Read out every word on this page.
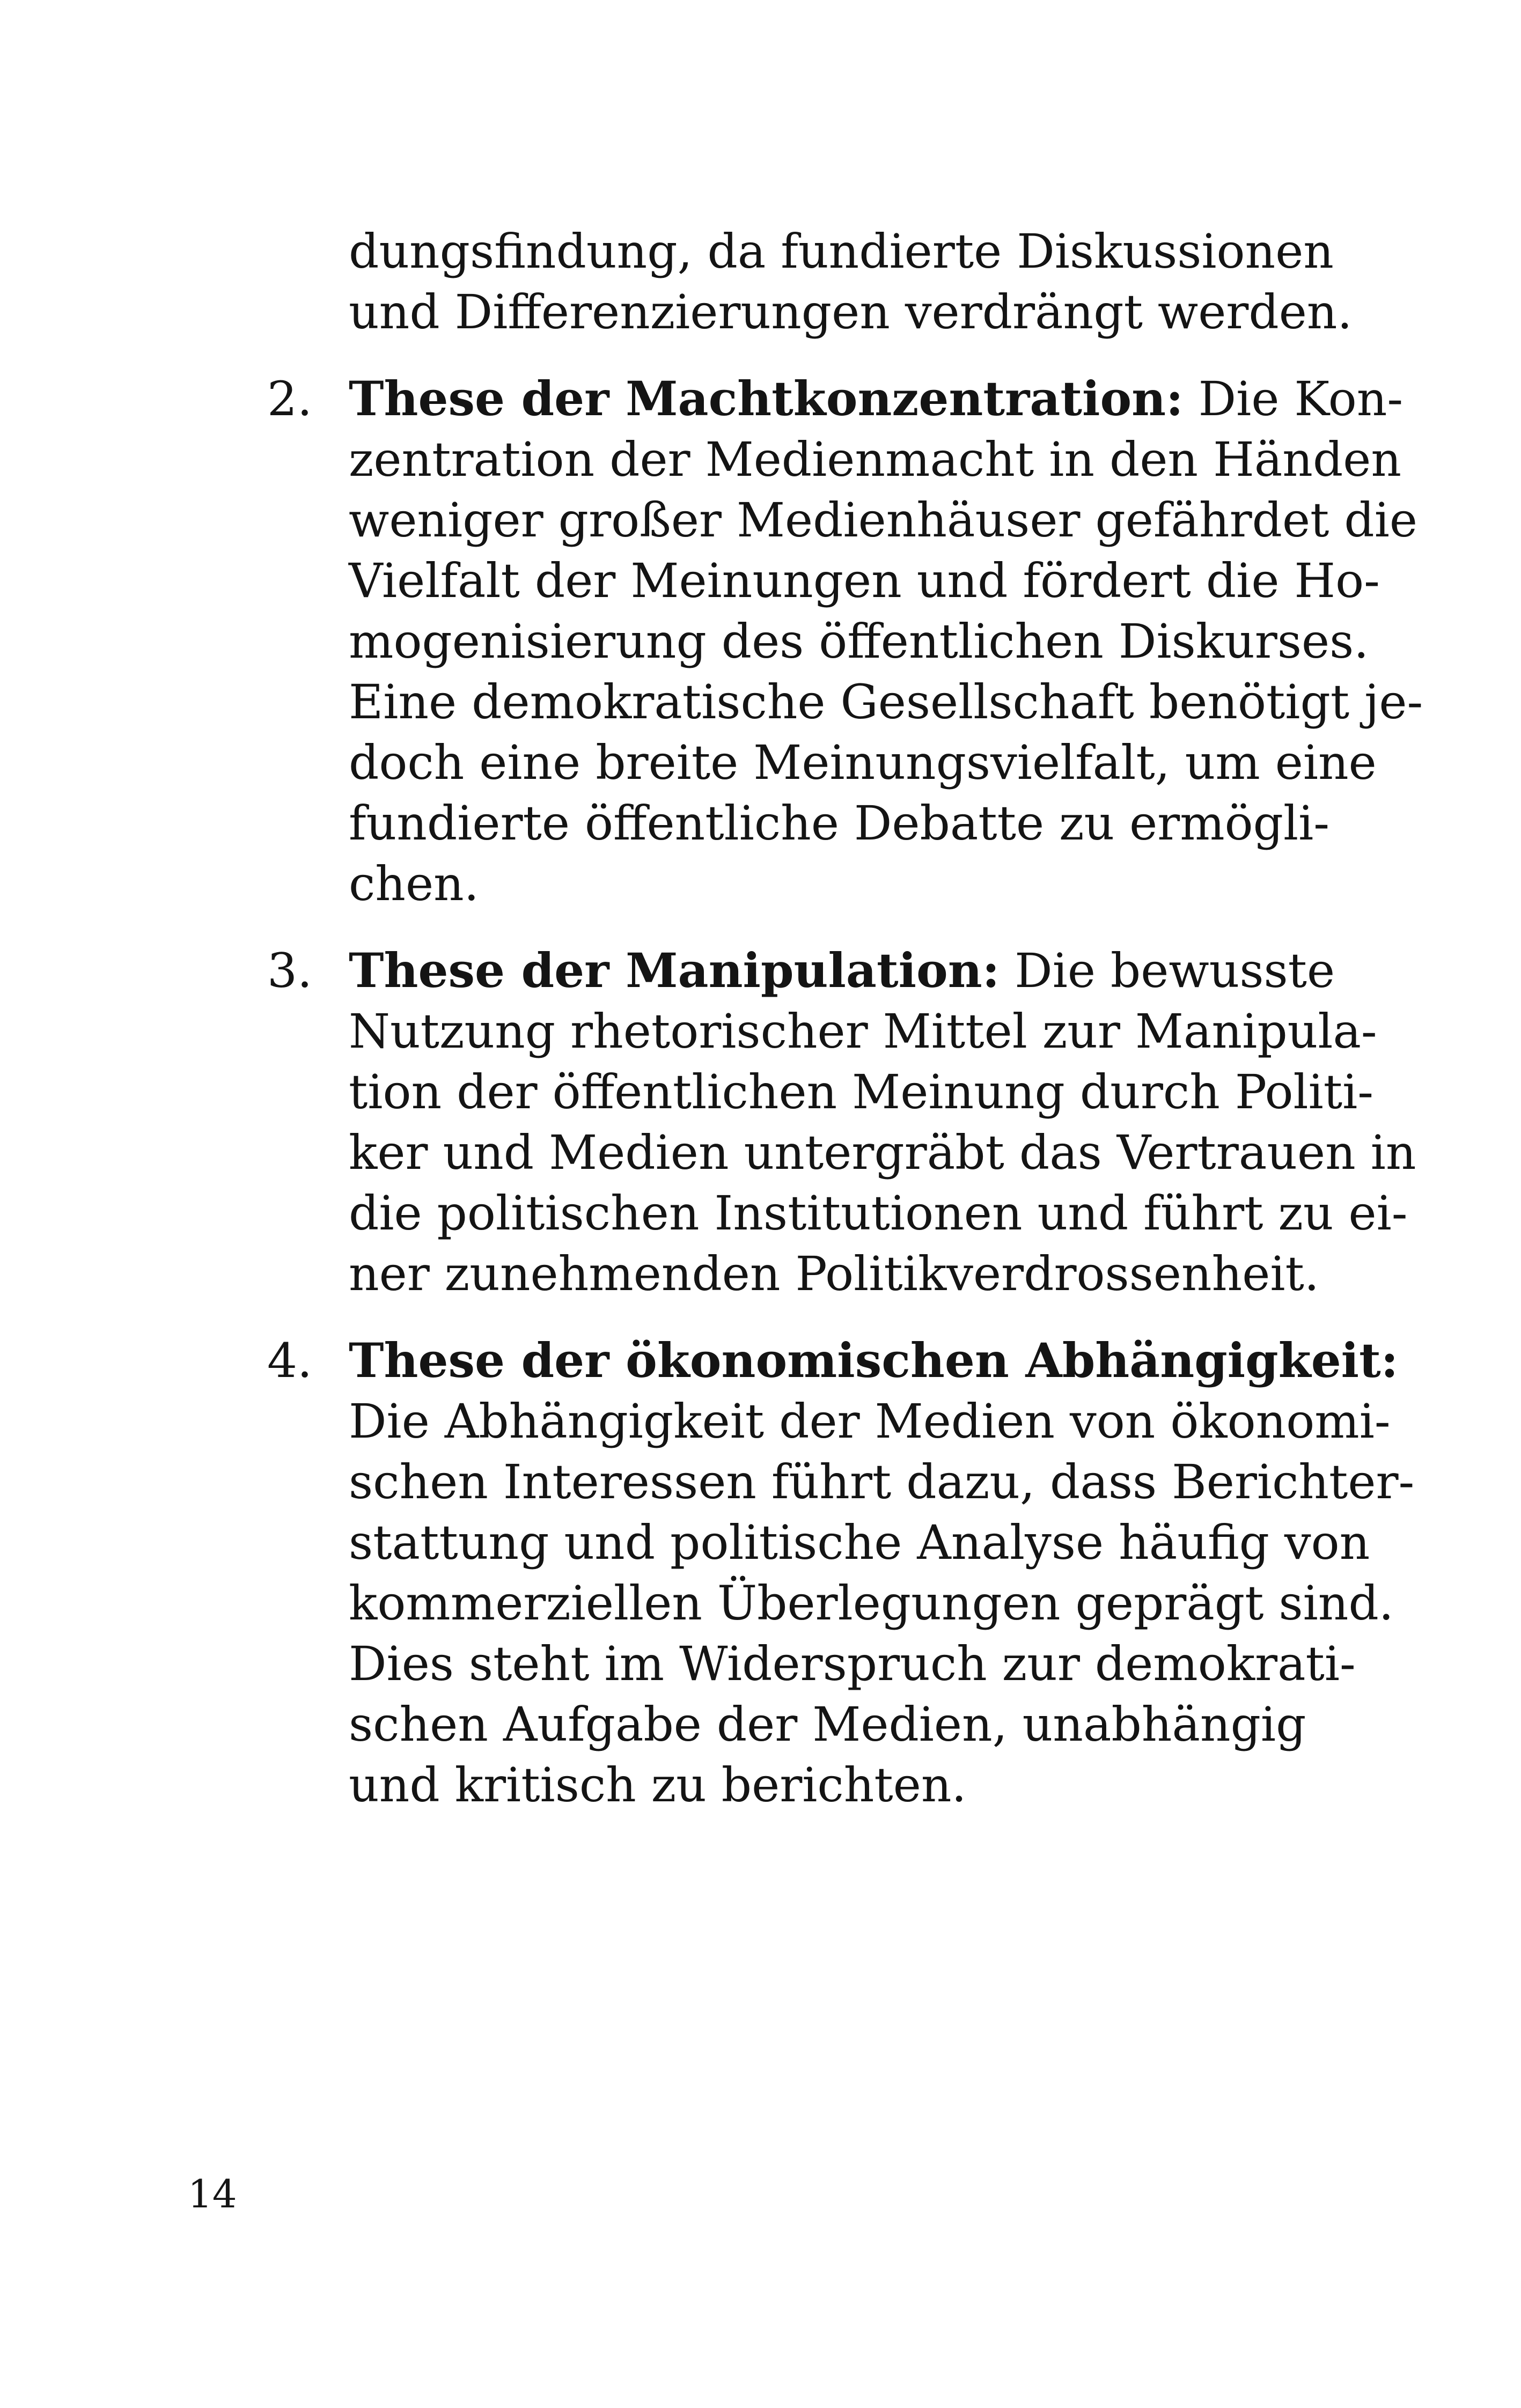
dungsfindung, da fundierte Diskussionen
und Differenzierungen verdrängt werden.
2. These der Machtkonzentration: Die Kon-
zentration der Medienmacht in den Händen
weniger großer Medienhäuser gefährdet die
Vielfalt der Meinungen und fördert die Ho-
mogenisierung des öffentlichen Diskurses.
Eine demokratische Gesellschaft benötigt je-
doch eine breite Meinungsvielfalt, um eine
fundierte öffentliche Debatte zu ermögli-
chen.
3. These der Manipulation: Die bewusste
Nutzung rhetorischer Mittel zur Manipula-
tion der öffentlichen Meinung durch Politi-
ker und Medien untergräbt das Vertrauen in
die politischen Institutionen und führt zu ei-
ner zunehmenden Politikverdrossenheit.
4. These der ökonomischen Abhängigkeit:
Die Abhängigkeit der Medien von ökonomi-
schen Interessen führt dazu, dass Berichter-
stattung und politische Analyse häufig von
kommerziellen Überlegungen geprägt sind.
Dies steht im Widerspruch zur demokrati-
schen Aufgabe der Medien, unabhängig
und kritisch zu berichten.
14
